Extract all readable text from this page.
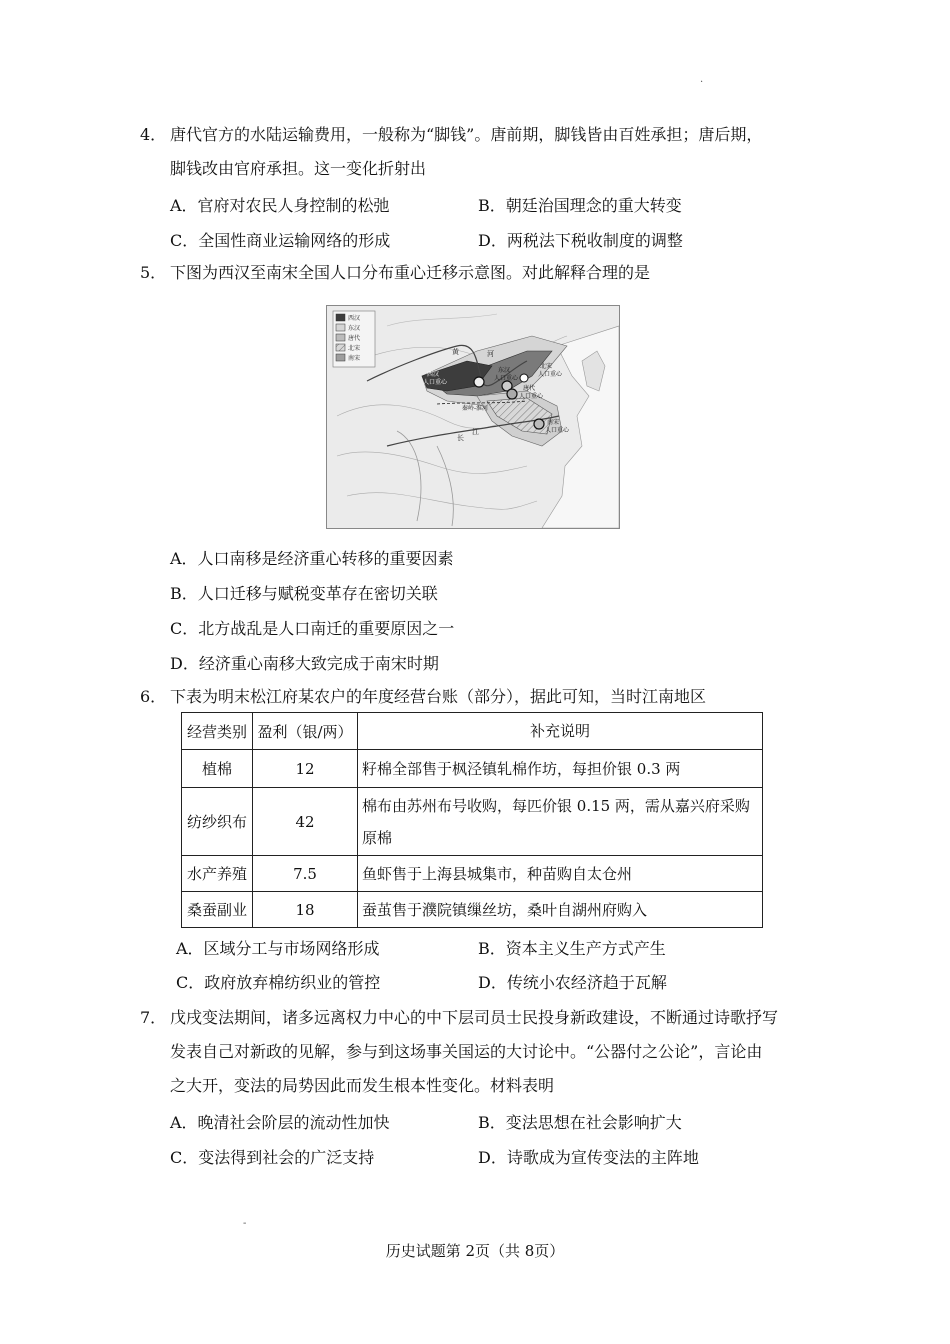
.
4． 唐代官方的水陆运输费用，一般称为“脚钱”。唐前期，脚钱皆由百姓承担；唐后期，
脚钱改由官府承担。这一变化折射出
A．官府对农民人身控制的松弛	B．朝廷治国理念的重大转变
C．全国性商业运输网络的形成	D．两税法下税收制度的调整
5． 下图为西汉至南宋全国人口分布重心迁移示意图。对此解释合理的是
西汉
东汉
唐代
北宋
南宋
黄	河
西汉
人口重心
东汉
人口重心
北宋
人口重心
唐代
人口重心
南宋
人口重心
秦岭-淮河
江
长
A．人口南移是经济重心转移的重要因素
B．人口迁移与赋税变革存在密切关联
C．北方战乱是人口南迁的重要原因之一
D．经济重心南移大致完成于南宋时期
6． 下表为明末松江府某农户的年度经营台账（部分），据此可知，当时江南地区
经营类别	盈利（银/两）	补充说明
植棉	12	籽棉全部售于枫泾镇轧棉作坊，每担价银 0.3 两
纺纱织布	42	棉布由苏州布号收购，每匹价银 0.15 两，需从嘉兴府采购原棉
水产养殖	7.5	鱼虾售于上海县城集市，种苗购自太仓州
桑蚕副业	18	蚕茧售于濮院镇缫丝坊，桑叶自湖州府购入
A．区域分工与市场网络形成	B．资本主义生产方式产生
C．政府放弃棉纺织业的管控	D．传统小农经济趋于瓦解
7． 戊戌变法期间，诸多远离权力中心的中下层司员士民投身新政建设，不断通过诗歌抒写
发表自己对新政的见解，参与到这场事关国运的大讨论中。“公器付之公论”，言论由
之大开，变法的局势因此而发生根本性变化。材料表明
A．晚清社会阶层的流动性加快	B．变法思想在社会影响扩大
C．变法得到社会的广泛支持	D．诗歌成为宣传变法的主阵地
-
历史试题第 2页（共 8页）
